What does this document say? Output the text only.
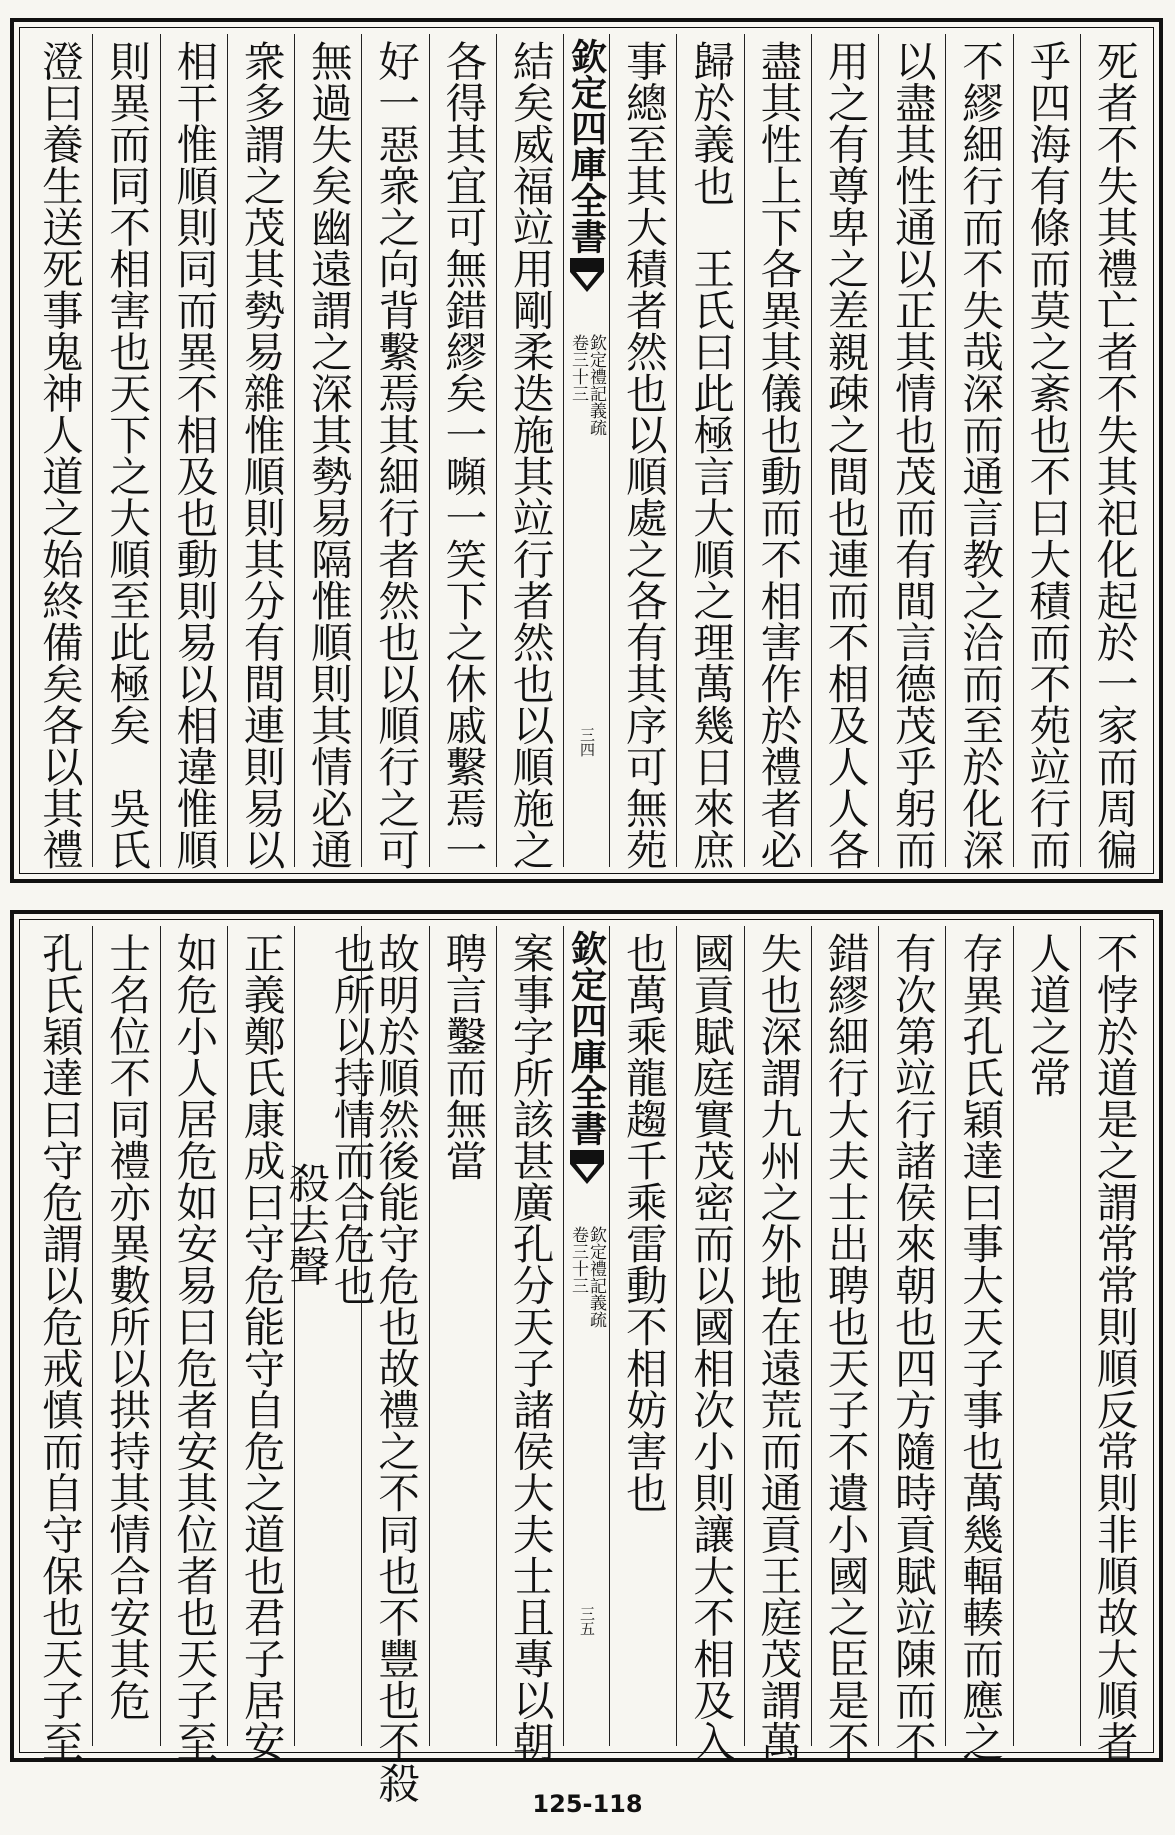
死者不失其禮亡者不失其祀化起於一家而周徧
乎四海有條而莫之紊也不曰大積而不苑竝行而
不繆細行而不失哉深而通言教之洽而至於化深
以盡其性通以正其情也茂而有間言德茂乎躬而
用之有尊卑之差親疎之間也連而不相及人人各
盡其性上下各異其儀也動而不相害作於禮者必
歸於義也　王氏曰此極言大順之理萬幾日來庶
事總至其大積者然也以順處之各有其序可無苑
欽定四庫全書
欽定禮記義疏
卷三十三
三四
結矣威福竝用剛柔迭施其竝行者然也以順施之
各得其宜可無錯繆矣一嚬一笑下之休戚繫焉一
好一惡衆之向背繫焉其細行者然也以順行之可
無過失矣幽遠謂之深其勢易隔惟順則其情必通
衆多謂之茂其勢易雜惟順則其分有間連則易以
相干惟順則同而異不相及也動則易以相違惟順
則異而同不相害也天下之大順至此極矣　吳氏
澄曰養生送死事鬼神人道之始終備矣各以其禮
不悖於道是之謂常常則順反常則非順故大順者
人道之常
存異孔氏穎達曰事大天子事也萬幾輻輳而應之
有次第竝行諸侯來朝也四方隨時貢賦竝陳而不
錯繆細行大夫士出聘也天子不遺小國之臣是不
失也深謂九州之外地在遠荒而通貢王庭茂謂萬
國貢賦庭實茂密而以國相次小則讓大不相及入
也萬乘龍趨千乘雷動不相妨害也
欽定四庫全書
欽定禮記義疏
卷三十三
三五
案事字所該甚廣孔分天子諸侯大夫士且專以朝
聘言鑿而無當
故明於順然後能守危也故禮之不同也不豐也不殺
也所以持情而合危也
殺去聲
正義鄭氏康成曰守危能守自危之道也君子居安
如危小人居危如安易曰危者安其位者也天子至
士名位不同禮亦異數所以拱持其情合安其危
孔氏穎達曰守危謂以危戒慎而自守保也天子至
125-118
